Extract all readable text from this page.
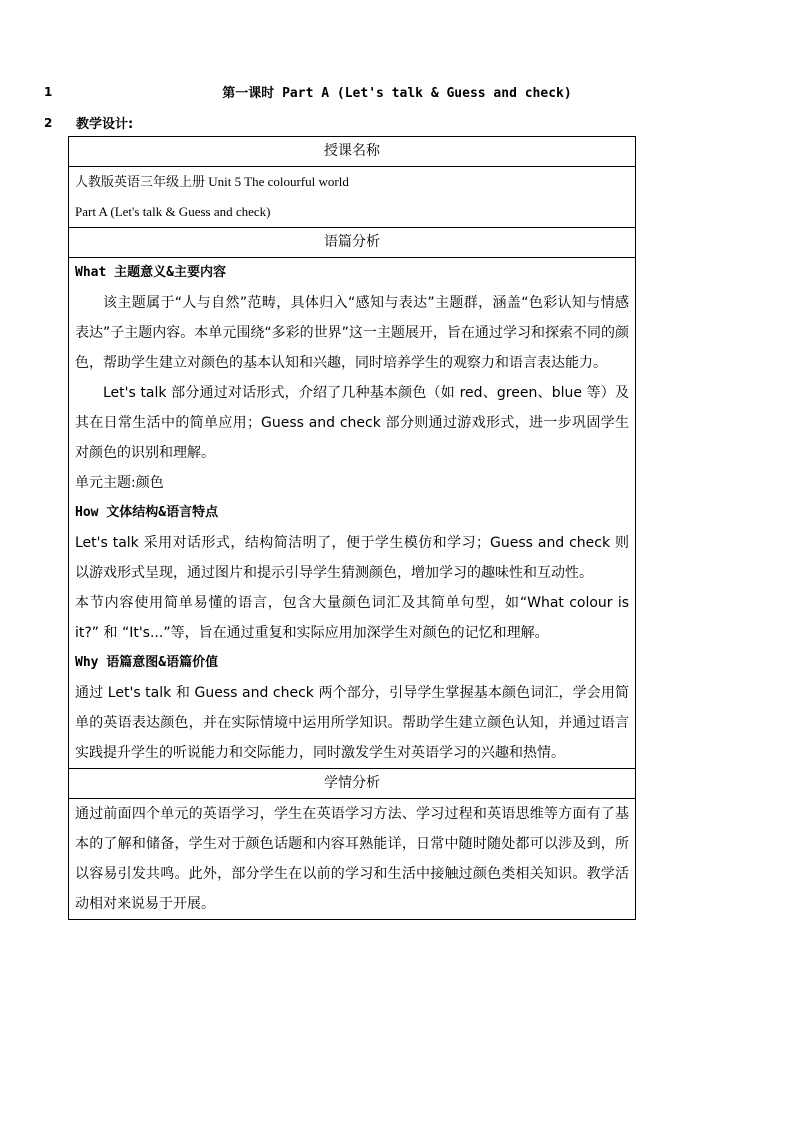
1
2
第一课时 Part A (Let's talk & Guess and check)
教学设计:
授课名称

人教版英语三年级上册 Unit 5 The colourful world

Part A (Let's talk & Guess and check)

语篇分析

What 主题意义&主要内容

该主题属于“人与自然”范畴，具体归入“感知与表达”主题群，涵盖“色彩认知与情感表达”子主题内容。本单元围绕“多彩的世界”这一主题展开，旨在通过学习和探索不同的颜色，帮助学生建立对颜色的基本认知和兴趣，同时培养学生的观察力和语言表达能力。

Let's talk 部分通过对话形式，介绍了几种基本颜色（如 red、green、blue 等）及其在日常生活中的简单应用；Guess and check 部分则通过游戏形式，进一步巩固学生对颜色的识别和理解。

单元主题:颜色

How 文体结构&语言特点

Let's talk 采用对话形式，结构简洁明了，便于学生模仿和学习；Guess and check 则以游戏形式呈现，通过图片和提示引导学生猜测颜色，增加学习的趣味性和互动性。

本节内容使用简单易懂的语言，包含大量颜色词汇及其简单句型，如“What colour is it?” 和 “It's...”等，旨在通过重复和实际应用加深学生对颜色的记忆和理解。

Why 语篇意图&语篇价值

通过 Let's talk 和 Guess and check 两个部分，引导学生掌握基本颜色词汇，学会用简单的英语表达颜色，并在实际情境中运用所学知识。帮助学生建立颜色认知，并通过语言实践提升学生的听说能力和交际能力，同时激发学生对英语学习的兴趣和热情。

学情分析

通过前面四个单元的英语学习，学生在英语学习方法、学习过程和英语思维等方面有了基本的了解和储备，学生对于颜色话题和内容耳熟能详，日常中随时随处都可以涉及到，所以容易引发共鸣。此外，部分学生在以前的学习和生活中接触过颜色类相关知识。教学活动相对来说易于开展。
